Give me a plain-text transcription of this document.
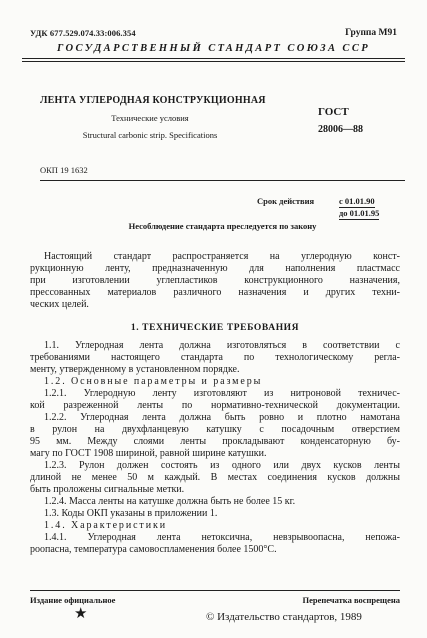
УДК 677.529.074.33:006.354	Группа М91
ГОСУДАРСТВЕННЫЙ СТАНДАРТ СОЮЗА ССР
ЛЕНТА УГЛЕРОДНАЯ КОНСТРУКЦИОННАЯ
Технические условия
Structural carbonic strip. Specifications
ГОСТ
28006—88
ОКП 19 1632
Срок действия	с 01.01.90
до 01.01.95
Несоблюдение стандарта преследуется по закону
Настоящий стандарт распространяется на углеродную конст-
рукционную ленту, предназначенную для наполнения пластмасс
при изготовлении углепластиков конструкционного назначения,
прессованных материалов различного назначения и других техни-
ческих целей.
1. ТЕХНИЧЕСКИЕ ТРЕБОВАНИЯ
1.1. Углеродная лента должна изготовляться в соответствии с
требованиями настоящего стандарта по технологическому регла-
менту, утвержденному в установленном порядке.
1.2. Основные параметры и размеры
1.2.1. Углеродную ленту изготовляют из нитроновой техничес-
кой разреженной ленты по нормативно-технической документации.
1.2.2. Углеродная лента должна быть ровно и плотно намотана
в рулон на двухфланцевую катушку с посадочным отверстием
95 мм. Между слоями ленты прокладывают конденсаторную бу-
магу по ГОСТ 1908 шириной, равной ширине катушки.
1.2.3. Рулон должен состоять из одного или двух кусков ленты
длиной не менее 50 м каждый. В местах соединения кусков должны
быть проложены сигнальные метки.
1.2.4. Масса ленты на катушке должна быть не более 15 кг.
1.3. Коды ОКП указаны в приложении 1.
1.4. Характеристики
1.4.1. Углеродная лента нетоксична, невзрывоопасна, непожа-
роопасна, температура самовоспламенения более 1500°C.
Издание официальное	Перепечатка воспрещена
★	© Издательство стандартов, 1989
